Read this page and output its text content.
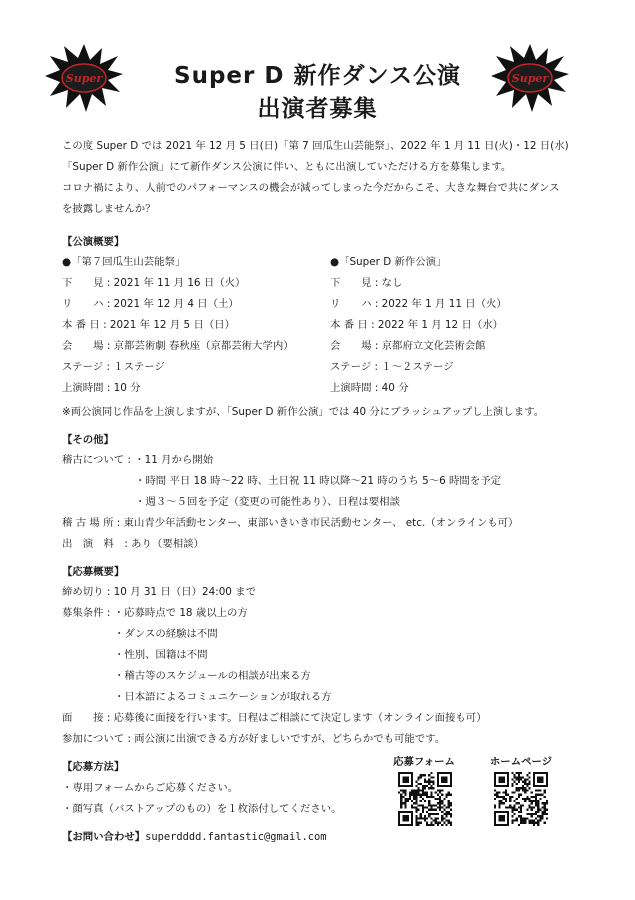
Super	Super
Super D 新作ダンス公演
出演者募集
この度 Super D では 2021 年 12 月 5 日(日)「第 7 回瓜生山芸能祭」、2022 年 1 月 11 日(火)・12 日(水)
「Super D 新作公演」にて新作ダンス公演に伴い、ともに出演していただける方を募集します。
コロナ禍により、人前でのパフォーマンスの機会が減ってしまった今だからこそ、大きな舞台で共にダンス
を披露しませんか？
【公演概要】
●「第７回瓜生山芸能祭」
下　　見 : 2021 年 11 月 16 日（火）
リ　　ハ : 2021 年 12 月 4 日（土）
本 番 日 : 2021 年 12 月 5 日（日）
会　　場 : 京都芸術劇 春秋座（京都芸術大学内）
ステージ : １ステージ
上演時間 : 10 分
●「Super D 新作公演」
下　　見 : なし
リ　　ハ : 2022 年 1 月 11 日（火）
本 番 日 : 2022 年 1 月 12 日（水）
会　　場 : 京都府立文化芸術会館
ステージ : １～２ステージ
上演時間 : 40 分
※両公演同じ作品を上演しますが、「Super D 新作公演」では 40 分にブラッシュアップし上演します。
【その他】
稽古について : ・11 月から開始
・時間 平日 18 時～22 時、土日祝 11 時以降～21 時のうち 5～6 時間を予定
・週３～５回を予定（変更の可能性あり）、日程は要相談
稽 古 場 所 : 東山青少年活動センター、東部いきいき市民活動センター、 etc.（オンラインも可）
出　演　料　: あり（要相談）
【応募概要】
締め切り : 10 月 31 日（日）24:00 まで
募集条件 : ・応募時点で 18 歳以上の方
・ダンスの経験は不問
・性別、国籍は不問
・稽古等のスケジュールの相談が出来る方
・日本語によるコミュニケーションが取れる方
面　　接 : 応募後に面接を行います。日程はご相談にて決定します（オンライン面接も可）
参加について : 両公演に出演できる方が好ましいですが、どちらかでも可能です。
【応募方法】
・専用フォームからご応募ください。
・顔写真（バストアップのもの）を１枚添付してください。
【お問い合わせ】superdddd.fantastic@gmail.com
応募フォーム	ホームページ
